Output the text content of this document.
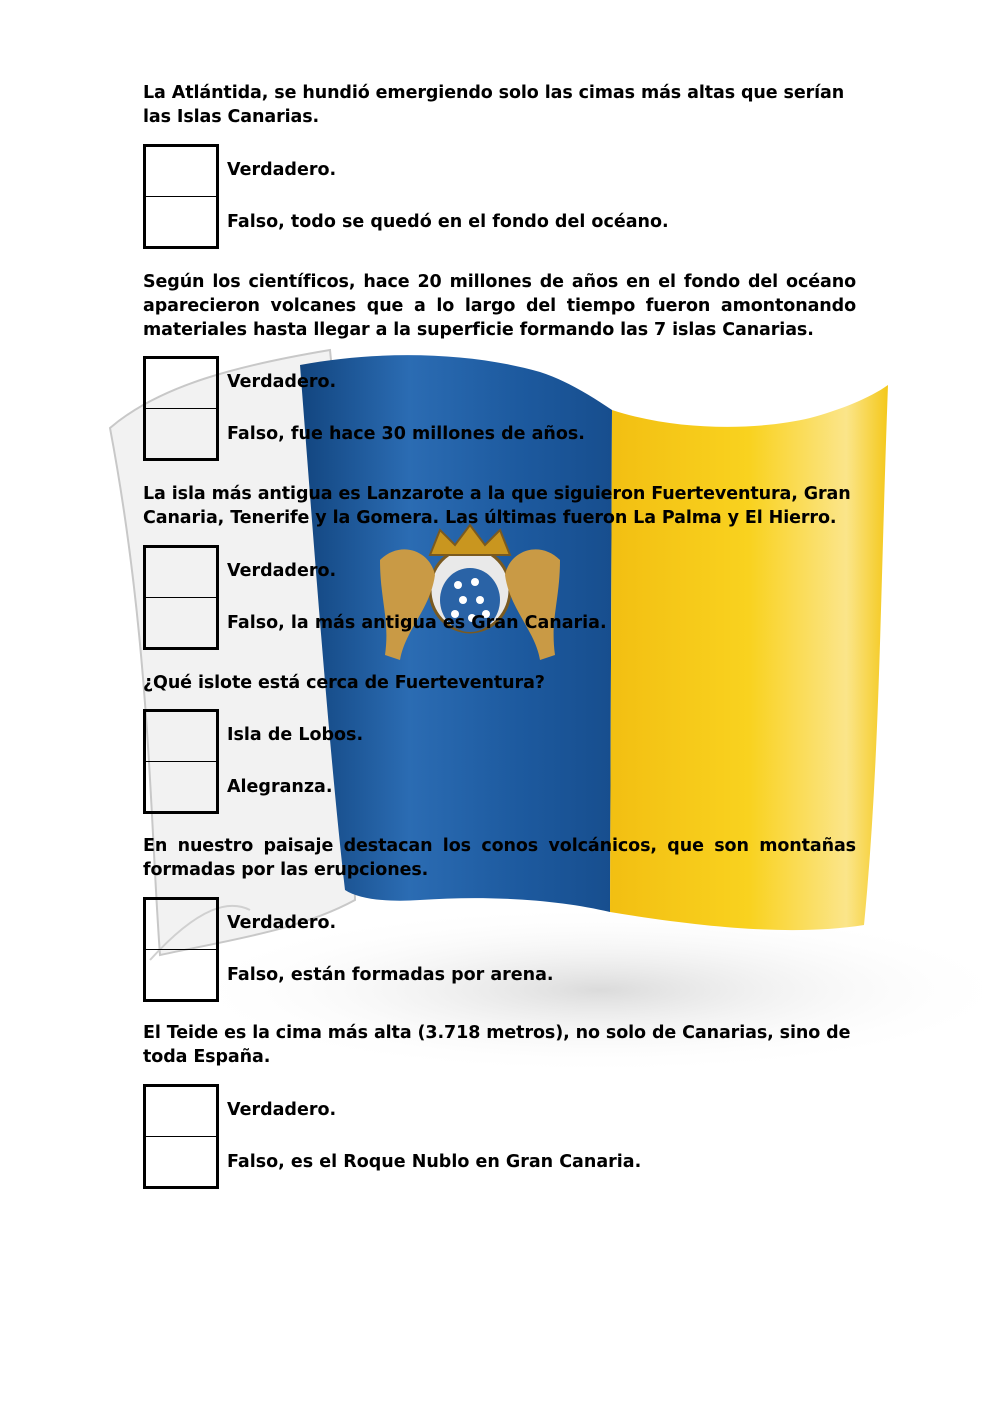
La Atlántida, se hundió emergiendo solo las cimas más altas que serían las Islas Canarias.

Verdadero.
Falso, todo se quedó en el fondo del océano.

Según los científicos, hace 20 millones de años en el fondo del océano aparecieron volcanes que a lo largo del tiempo fueron amontonando materiales hasta llegar a la superficie formando las 7 islas Canarias.

Verdadero.
Falso, fue hace 30 millones de años.

La isla más antigua es Lanzarote a la que siguieron Fuerteventura, Gran Canaria, Tenerife y la Gomera. Las últimas fueron La Palma y El Hierro.

Verdadero.
Falso, la más antigua es Gran Canaria.

¿Qué islote está cerca de Fuerteventura?

Isla de Lobos.
Alegranza.

En nuestro paisaje destacan los conos volcánicos, que son montañas formadas por las erupciones.

Verdadero.
Falso, están formadas por arena.

El Teide es la cima más alta (3.718 metros), no solo de Canarias, sino de toda España.

Verdadero.
Falso, es el Roque Nublo en Gran Canaria.
